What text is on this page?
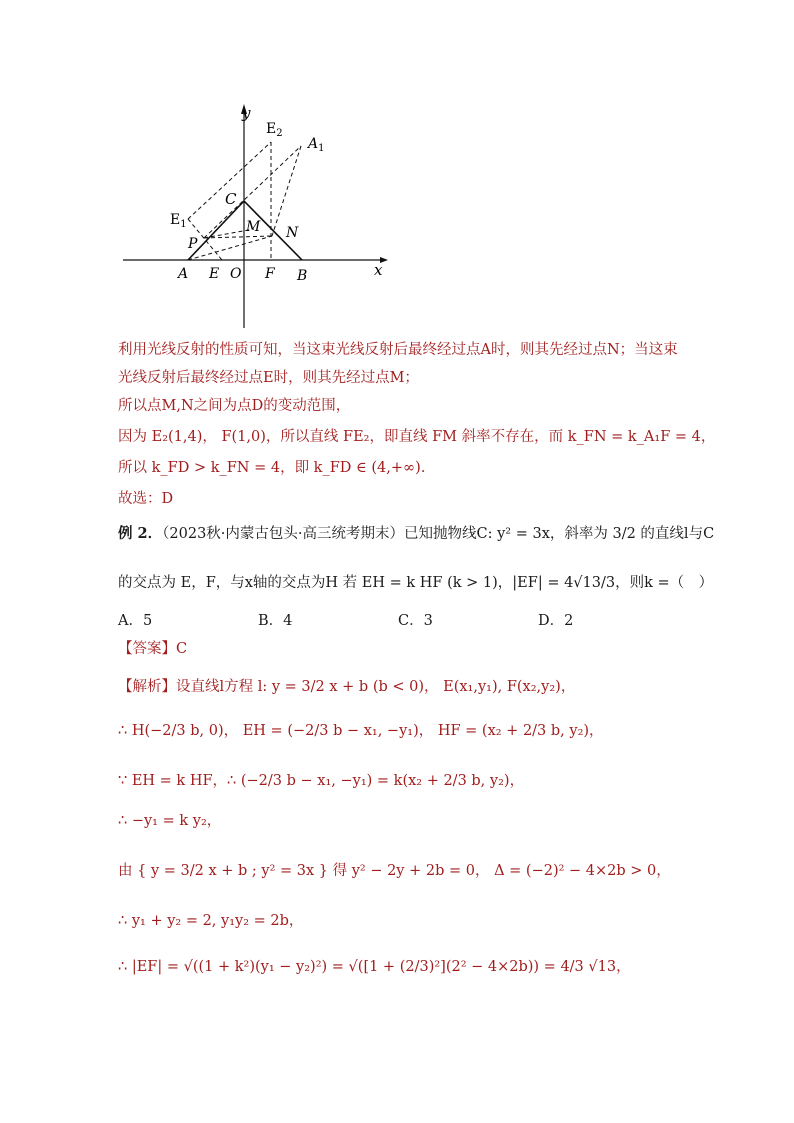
y
x
$E_2$
$A_1$
C
$E_1$	M N
P
A E O F B
利用光线反射的性质可知，当这束光线反射后最终经过点A时，则其先经过点N；当这束
光线反射后最终经过点E时，则其先经过点M；
所以点M,N之间为点D的变动范围，
因为 E₂(1,4)， F(1,0)，所以直线 FE₂，即直线 FM 斜率不存在，而 k_FN = k_A₁F = 4，
所以 k_FD > k_FN = 4，即 k_FD ∈ (4,+∞).
故选：D
例 2．（2023秋·内蒙古包头·高三统考期末）已知抛物线C: y² = 3x，斜率为 3/2 的直线l与C
的交点为 E，F，与x轴的交点为H 若 EH = k HF (k > 1)，|EF| = 4√13/3，则k =（　）
A．5	B．4	C．3	D．2
【答案】C
【解析】设直线l方程 l: y = 3/2 x + b (b < 0)， E(x₁,y₁), F(x₂,y₂)，
∴ H(−2/3 b, 0)， EH = (−2/3 b − x₁, −y₁)， HF = (x₂ + 2/3 b, y₂)，
∵ EH = k HF，∴ (−2/3 b − x₁, −y₁) = k(x₂ + 2/3 b, y₂)，
∴ −y₁ = k y₂，
由 { y = 3/2 x + b ; y² = 3x } 得 y² − 2y + 2b = 0， Δ = (−2)² − 4×2b > 0，
∴ y₁ + y₂ = 2, y₁y₂ = 2b，
∴ |EF| = √((1 + k²)(y₁ − y₂)²) = √([1 + (2/3)²](2² − 4×2b)) = 4/3 √13，
